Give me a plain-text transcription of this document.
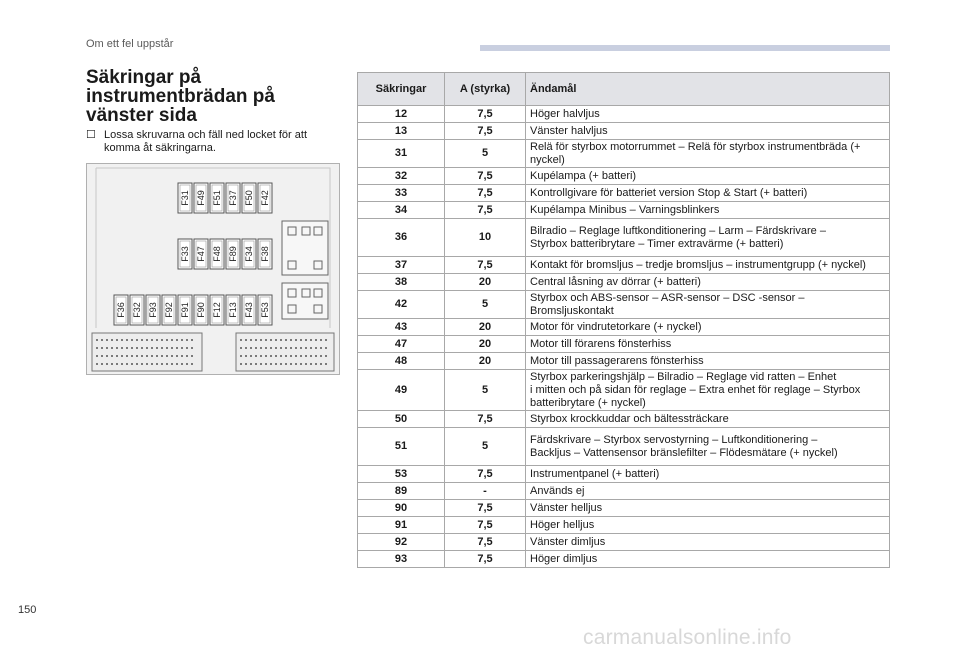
Om ett fel uppstår
Säkringar på instrumentbrädan på vänster sida
☐ Lossa skruvarna och fäll ned locket för att komma åt säkringarna.
F31 F49 F51 F37 F50 F42
F33 F47 F48 F89 F34 F38
F36 F32 F93 F92 F91 F90 F12 F13 F43 F53
Säkringar	A (styrka)	Ändamål
12	7,5	Höger halvljus
13	7,5	Vänster halvljus
31	5	Relä för styrbox motorrummet – Relä för styrbox instrumentbräda (+
nyckel)
32	7,5	Kupélampa (+ batteri)
33	7,5	Kontrollgivare för batteriet version Stop & Start (+ batteri)
34	7,5	Kupélampa Minibus – Varningsblinkers
36	10	Bilradio – Reglage luftkonditionering – Larm – Färdskrivare –
Styrbox batteribrytare – Timer extravärme (+ batteri)
37	7,5	Kontakt för bromsljus – tredje bromsljus – instrumentgrupp (+ nyckel)
38	20	Central låsning av dörrar (+ batteri)
42	5	Styrbox och ABS-sensor – ASR-sensor – DSC -sensor –
Bromsljuskontakt
43	20	Motor för vindrutetorkare (+ nyckel)
47	20	Motor till förarens fönsterhiss
48	20	Motor till passagerarens fönsterhiss
49	5	Styrbox parkeringshjälp – Bilradio – Reglage vid ratten – Enhet
i mitten och på sidan för reglage – Extra enhet för reglage – Styrbox
batteribrytare (+ nyckel)
50	7,5	Styrbox krockkuddar och bältessträckare
51	5	Färdskrivare – Styrbox servostyrning – Luftkonditionering –
Backljus – Vattensensor bränslefilter – Flödesmätare (+ nyckel)
53	7,5	Instrumentpanel (+ batteri)
89	-	Används ej
90	7,5	Vänster helljus
91	7,5	Höger helljus
92	7,5	Vänster dimljus
93	7,5	Höger dimljus
150
carmanualsonline.info
